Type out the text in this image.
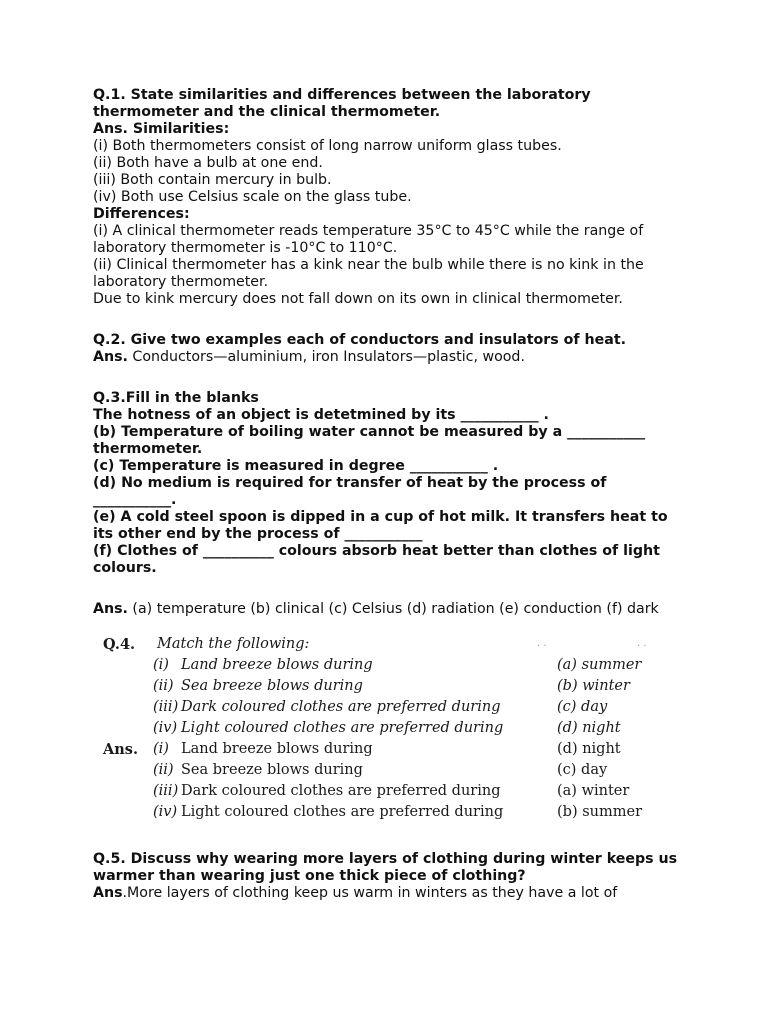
Q.1. State similarities and differences between the laboratory thermometer and the clinical thermometer.

Ans. Similarities:

(i) Both thermometers consist of long narrow uniform glass tubes.

(ii) Both have a bulb at one end.

(iii) Both contain mercury in bulb.

(iv) Both use Celsius scale on the glass tube.

Differences:

(i) A clinical thermometer reads temperature 35°C to 45°C while the range of laboratory thermometer is -10°C to 110°C.

(ii) Clinical thermometer has a kink near the bulb while there is no kink in the laboratory thermometer.

Due to kink mercury does not fall down on its own in clinical thermometer.

Q.2. Give two examples each of conductors and insulators of heat.

Ans. Conductors—aluminium, iron Insulators—plastic, wood.

Q.3.Fill in the blanks

The hotness of an object is detetmined by its ___________ .

(b) Temperature of boiling water cannot be measured by a ___________ thermometer.

(c) Temperature is measured in degree ___________ .

(d) No medium is required for transfer of heat by the process of ___________.

(e) A cold steel spoon is dipped in a cup of hot milk. It transfers heat to its other end by the process of ___________

(f) Clothes of __________ colours absorb heat better than clothes of light colours.

Ans. (a) temperature (b) clinical (c) Celsius (d) radiation (e) conduction (f) dark

· ·	· ·
Q.4. Match the following:
(i) Land breeze blows during	(a) summer
(ii) Sea breeze blows during	(b) winter
(iii) Dark coloured clothes are preferred during	(c) day
(iv) Light coloured clothes are preferred during	(d) night
Ans. (i) Land breeze blows during	(d) night
(ii) Sea breeze blows during	(c) day
(iii) Dark coloured clothes are preferred during	(a) winter
(iv) Light coloured clothes are preferred during	(b) summer

Q.5. Discuss why wearing more layers of clothing during winter keeps us warmer than wearing just one thick piece of clothing?

Ans.More layers of clothing keep us warm in winters as they have a lot of
